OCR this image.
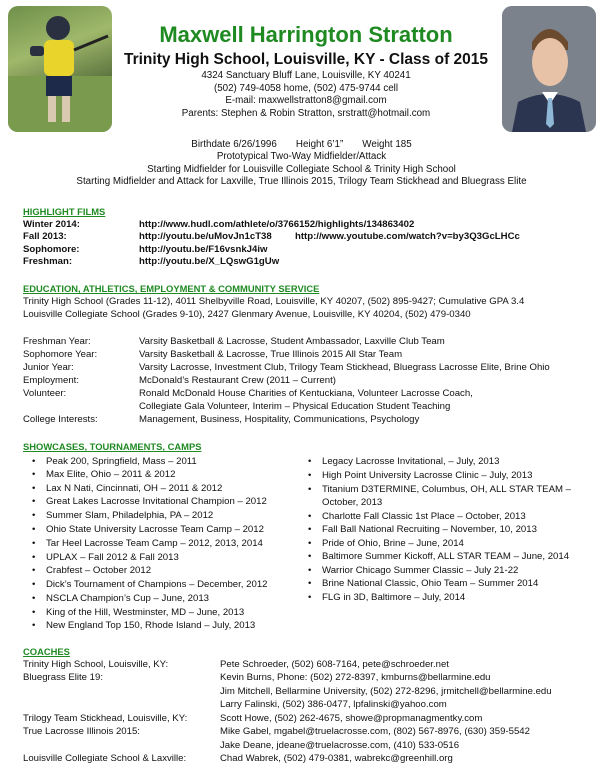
Maxwell Harrington Stratton
Trinity High School, Louisville, KY - Class of 2015
4324 Sanctuary Bluff Lane, Louisville, KY 40241
(502) 749-4058 home, (502) 475-9744 cell
E-mail: maxwellstratton8@gmail.com
Parents: Stephen & Robin Stratton, srstratt@hotmail.com
Birthdate 6/26/1996       Height 6’1”       Weight 185
Prototypical Two-Way Midfielder/Attack
Starting Midfielder for Louisville Collegiate School & Trinity High School
Starting Midfielder and Attack for Laxville, True Illinois 2015, Trilogy Team Stickhead and Bluegrass Elite
HIGHLIGHT FILMS
Winter 2014:	http://www.hudl.com/athlete/o/3766152/highlights/134863402
Fall 2013:	http://youtu.be/uMovJn1cT38 http://www.youtube.com/watch?v=by3Q3GcLHCc
Sophomore:	http://youtu.be/F16vsnkJ4iw
Freshman:	http://youtu.be/X_LQswG1gUw
EDUCATION, ATHLETICS, EMPLOYMENT & COMMUNITY SERVICE
Trinity High School (Grades 11-12), 4011 Shelbyville Road, Louisville, KY 40207, (502) 895-9427; Cumulative GPA 3.4
Louisville Collegiate School (Grades 9-10), 2427 Glenmary Avenue, Louisville, KY 40204, (502) 479-0340
Freshman Year:	Varsity Basketball & Lacrosse, Student Ambassador, Laxville Club Team
Sophomore Year:	Varsity Basketball & Lacrosse, True Illinois 2015 All Star Team
Junior Year:	Varsity Lacrosse, Investment Club, Trilogy Team Stickhead, Bluegrass Lacrosse Elite, Brine Ohio
Employment:	McDonald’s Restaurant Crew (2011 – Current)
Volunteer:	Ronald McDonald House Charities of Kentuckiana, Volunteer Lacrosse Coach,
Collegiate Gala Volunteer, Interim – Physical Education Student Teaching
College Interests:	Management, Business, Hospitality, Communications, Psychology
SHOWCASES, TOURNAMENTS, CAMPS
• Peak 200, Springfield, Mass – 2011
• Max Elite, Ohio – 2011 & 2012
• Lax N Nati, Cincinnati, OH – 2011 & 2012
• Great Lakes Lacrosse Invitational Champion – 2012
• Summer Slam, Philadelphia, PA – 2012
• Ohio State University Lacrosse Team Camp – 2012
• Tar Heel Lacrosse Team Camp – 2012, 2013, 2014
• UPLAX – Fall 2012 & Fall 2013
• Crabfest – October 2012
• Dick’s Tournament of Champions – December, 2012
• NSCLA Champion’s Cup – June, 2013
• King of the Hill, Westminster, MD – June, 2013
• New England Top 150, Rhode Island – July, 2013
• Legacy Lacrosse Invitational, – July, 2013
• High Point University Lacrosse Clinic – July, 2013
• Titanium D3TERMINE, Columbus, OH, ALL STAR TEAM –
October, 2013
• Charlotte Fall Classic 1st Place – October, 2013
• Fall Ball National Recruiting – November, 10, 2013
• Pride of Ohio, Brine – June, 2014
• Baltimore Summer Kickoff, ALL STAR TEAM – June, 2014
• Warrior Chicago Summer Classic – July 21-22
• Brine National Classic, Ohio Team – Summer 2014
• FLG in 3D, Baltimore – July, 2014
COACHES
Trinity High School, Louisville, KY:	Pete Schroeder, (502) 608-7164, pete@schroeder.net
Bluegrass Elite 19:	Kevin Burns, Phone: (502) 272-8397, kmburns@bellarmine.edu
Jim Mitchell, Bellarmine University, (502) 272-8296, jrmitchell@bellarmine.edu
Larry Falinski, (502) 386-0477, lpfalinski@yahoo.com
Trilogy Team Stickhead, Louisville, KY:	Scott Howe, (502) 262-4675, showe@propmanagmentky.com
True Lacrosse Illinois 2015:	Mike Gabel, mgabel@truelacrosse.com, (802) 567-8976, (630) 359-5542
Jake Deane, jdeane@truelacrosse.com, (410) 533-0516
Louisville Collegiate School & Laxville:	Chad Wabrek, (502) 479-0381, wabrekc@greenhill.org
